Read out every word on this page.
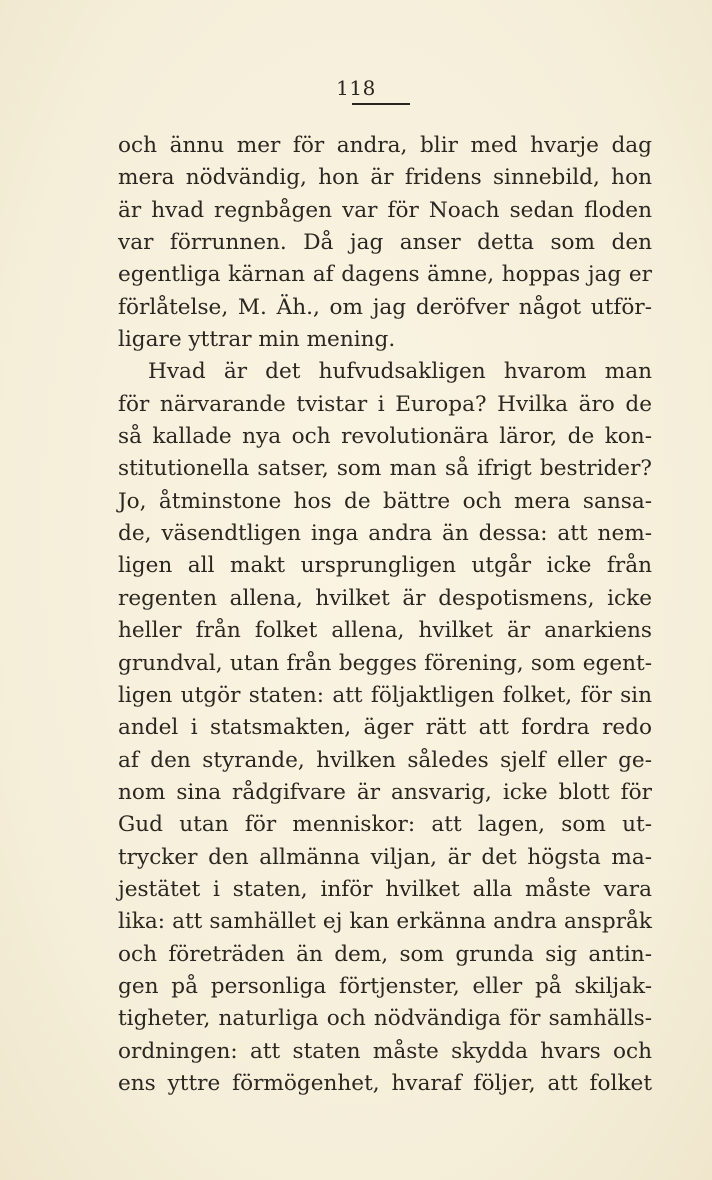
118
och ännu mer för andra, blir med hvarje dag
mera nödvändig, hon är fridens sinnebild, hon
är hvad regnbågen var för Noach sedan floden
var förrunnen. Då jag anser detta som den
egentliga kärnan af dagens ämne, hoppas jag er
förlåtelse, M. Äh., om jag deröfver något utför-
ligare yttrar min mening.
Hvad är det hufvudsakligen hvarom man
för närvarande tvistar i Europa? Hvilka äro de
så kallade nya och revolutionära läror, de kon-
stitutionella satser, som man så ifrigt bestrider?
Jo, åtminstone hos de bättre och mera sansa-
de, väsendtligen inga andra än dessa: att nem-
ligen all makt ursprungligen utgår icke från
regenten allena, hvilket är despotismens, icke
heller från folket allena, hvilket är anarkiens
grundval, utan från begges förening, som egent-
ligen utgör staten: att följaktligen folket, för sin
andel i statsmakten, äger rätt att fordra redo
af den styrande, hvilken således sjelf eller ge-
nom sina rådgifvare är ansvarig, icke blott för
Gud utan för menniskor: att lagen, som ut-
trycker den allmänna viljan, är det högsta ma-
jestätet i staten, inför hvilket alla måste vara
lika: att samhället ej kan erkänna andra anspråk
och företräden än dem, som grunda sig antin-
gen på personliga förtjenster, eller på skiljak-
tigheter, naturliga och nödvändiga för samhälls-
ordningen: att staten måste skydda hvars och
ens yttre förmögenhet, hvaraf följer, att folket
